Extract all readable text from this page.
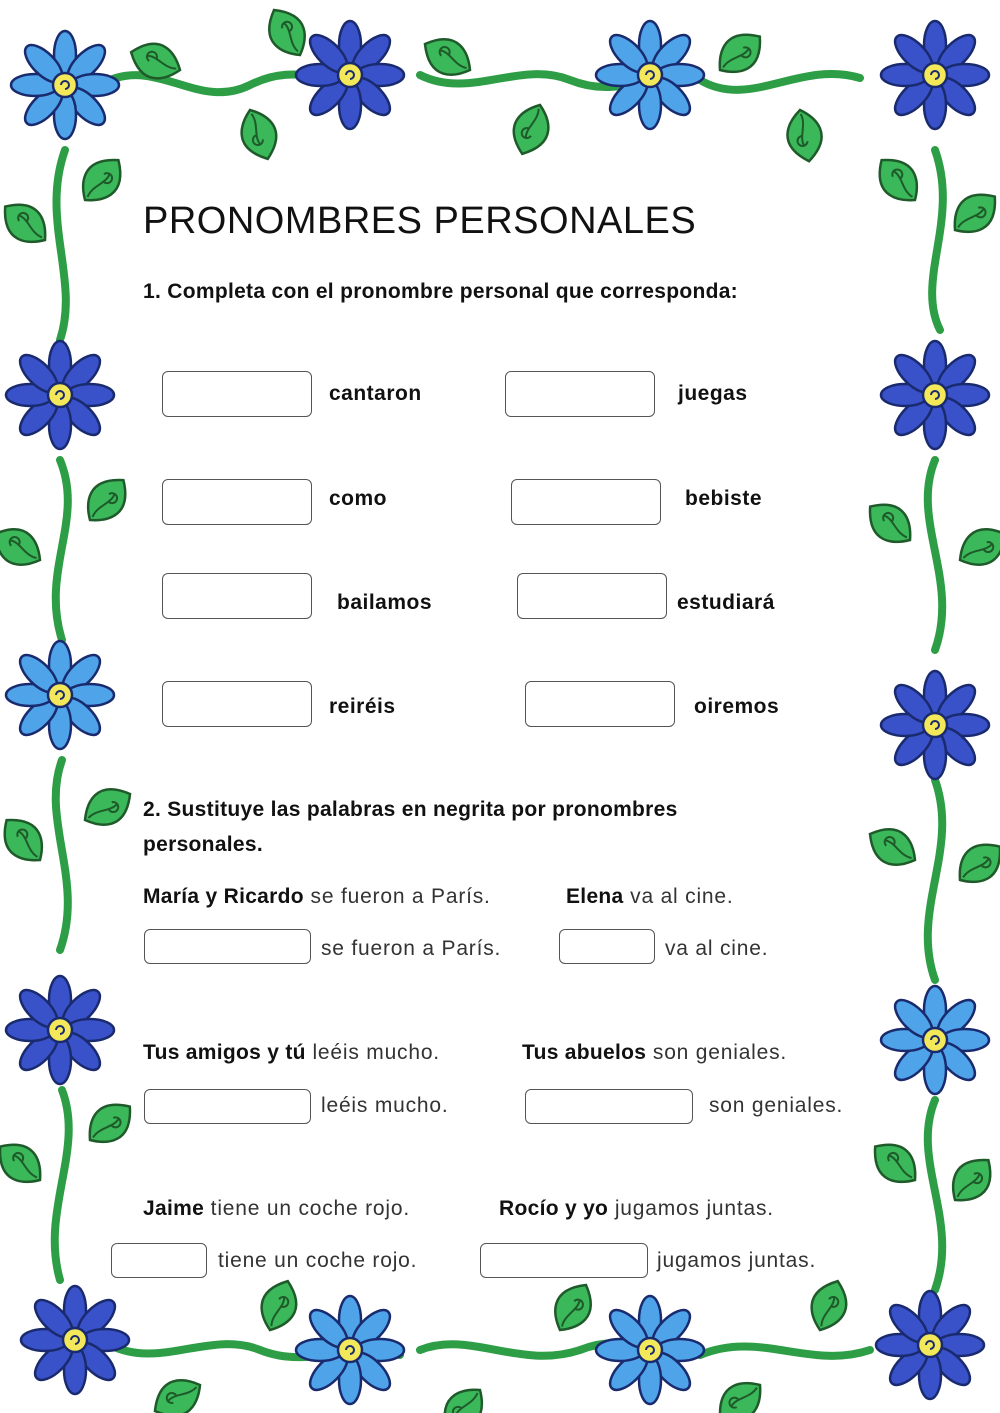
PRONOMBRES PERSONALES
1. Completa con el pronombre personal que corresponda:
cantaron	juegas
como	bebiste
bailamos	estudiará
reiréis	oiremos
2. Sustituye las palabras en negrita por pronombres
personales.
María y Ricardo se fueron a París.	Elena va al cine.
se fueron a París.	va al cine.
Tus amigos y tú leéis mucho.	Tus abuelos son geniales.
leéis mucho.	son geniales.
Jaime tiene un coche rojo.	Rocío y yo jugamos juntas.
tiene un coche rojo.	jugamos juntas.
